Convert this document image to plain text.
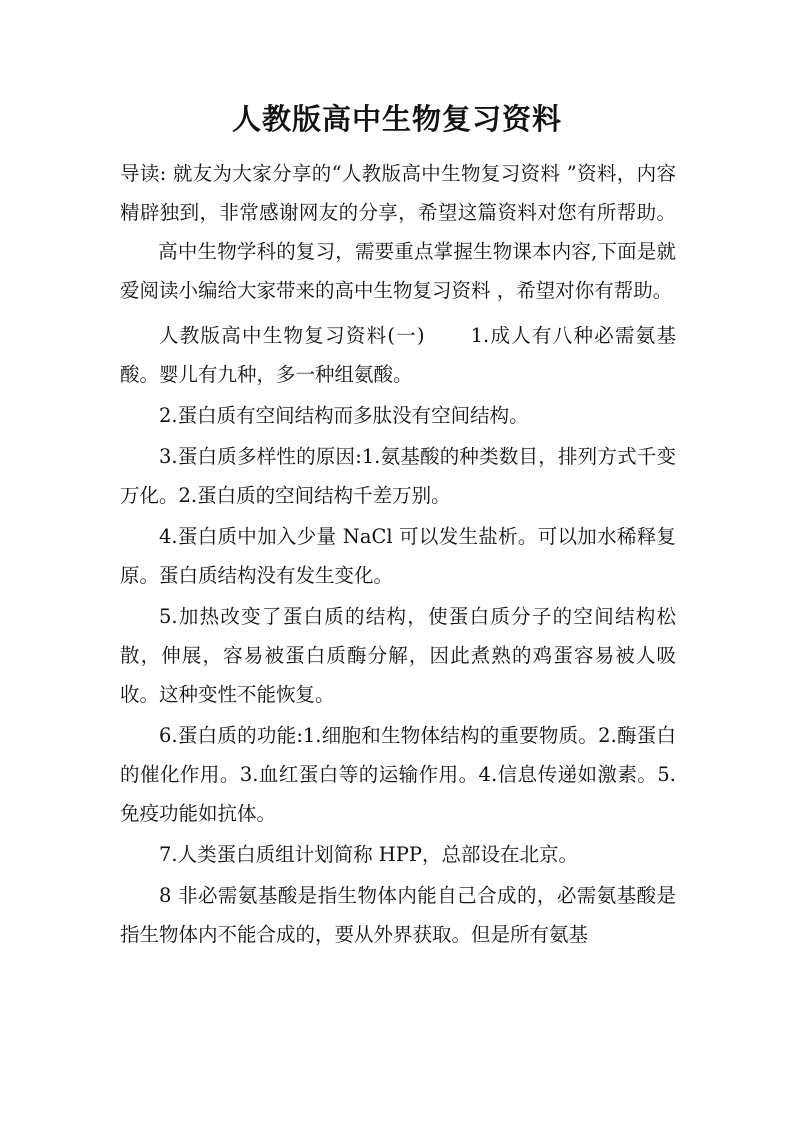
人教版高中生物复习资料

导读: 就友为大家分享的“人教版高中生物复习资料 ”资料，内容精辟独到，非常感谢网友的分享，希望这篇资料对您有所帮助。高中生物学科的复习，需要重点掌握生物课本内容,下面是就爱阅读小编给大家带来的高中生物复习资料 ，希望对你有帮助。

人教版高中生物复习资料(一) 1.成人有八种必需氨基酸。婴儿有九种，多一种组氨酸。

2.蛋白质有空间结构而多肽没有空间结构。

3.蛋白质多样性的原因:1.氨基酸的种类数目，排列方式千变万化。2.蛋白质的空间结构千差万别。

4.蛋白质中加入少量 NaCl 可以发生盐析。可以加水稀释复原。蛋白质结构没有发生变化。

5.加热改变了蛋白质的结构，使蛋白质分子的空间结构松散，伸展，容易被蛋白质酶分解，因此煮熟的鸡蛋容易被人吸收。这种变性不能恢复。

6.蛋白质的功能:1.细胞和生物体结构的重要物质。2.酶蛋白的催化作用。3.血红蛋白等的运输作用。4.信息传递如激素。5.免疫功能如抗体。

7.人类蛋白质组计划简称 HPP，总部设在北京。

8 非必需氨基酸是指生物体内能自己合成的，必需氨基酸是指生物体内不能合成的，要从外界获取。但是所有氨基
